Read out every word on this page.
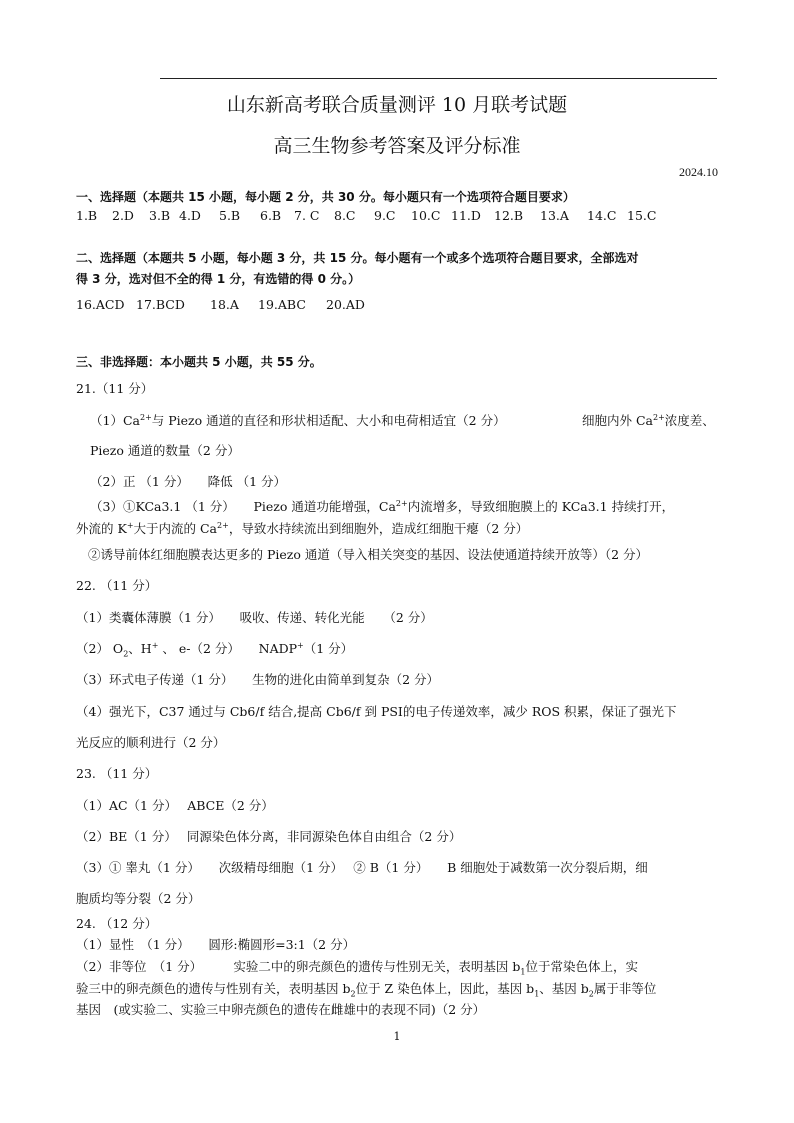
山东新高考联合质量测评 10 月联考试题
高三生物参考答案及评分标准
2024.10
一、选择题（本题共 15 小题，每小题 2 分，共 30 分。每小题只有一个选项符合题目要求）
1.B 2.D 3.B 4.D 5.B 6.B 7. C 8.C 9.C 10.C 11.D 12.B 13.A 14.C 15.C
二、选择题（本题共 5 小题，每小题 3 分，共 15 分。每小题有一个或多个选项符合题目要求，全部选对
得 3 分，选对但不全的得 1 分，有选错的得 0 分。）
16.ACD 17.BCD 18.A 19.ABC 20.AD
三、非选择题：本小题共 5 小题，共 55 分。
21.（11 分）
$(1)Ca^{2+}$与 Piezo 通道的直径和形状相适配、大小和电荷相适宜（2 分）	细胞内外 $Ca^{2+}$浓度差、
Piezo 通道的数量（2 分）
（2）正 （1 分）　　降低 （1 分）
（3）①KCa3.1 （1 分）　　Piezo 通道功能增强，$Ca^{2+}$内流增多，导致细胞膜上的 KCa3.1 持续打开，
外流的 K+大于内流的 $Ca^{2+}$，导致水持续流出到细胞外，造成红细胞干瘪（2 分）
②诱导前体红细胞膜表达更多的 Piezo 通道（导入相关突变的基因、设法使通道持续开放等）（2 分）
22. （11 分）
（1）类囊体薄膜（1 分）　　吸收、传递、转化光能　　（2 分）
（2） $O_2$、H+ 、 e-（2 分）　　NADP+（1 分）
（3）环式电子传递（1 分）　　生物的进化由简单到复杂（2 分）
（4）强光下，C37 通过与 Cb6/f 结合,提高 Cb6/f 到 PSⅠ的电子传递效率，减少 ROS 积累，保证了强光下
光反应的顺利进行（2 分）
23. （11 分）
（1）AC（1 分）　 ABCE（2 分）
（2）BE（1 分）　 同源染色体分离，非同源染色体自由组合（2 分）
（3）① 睾丸（1 分）　　次级精母细胞（1 分）　 ② B（1 分）　　B 细胞处于减数第一次分裂后期，细
胞质均等分裂（2 分）
24. （12 分）
（1）显性　（1 分）　　圆形:椭圆形=3:1（2 分）
（2）非等位　（1 分）　　　实验二中的卵壳颜色的遗传与性别无关，表明基因 $b_1$位于常染色体上，实
验三中的卵壳颜色的遗传与性别有关，表明基因 $b_2$位于 Z 染色体上，因此，基因 $b_1$、基因 $b_2$属于非等位
基因　(或实验二、实验三中卵壳颜色的遗传在雌雄中的表现不同)（2 分）
1
